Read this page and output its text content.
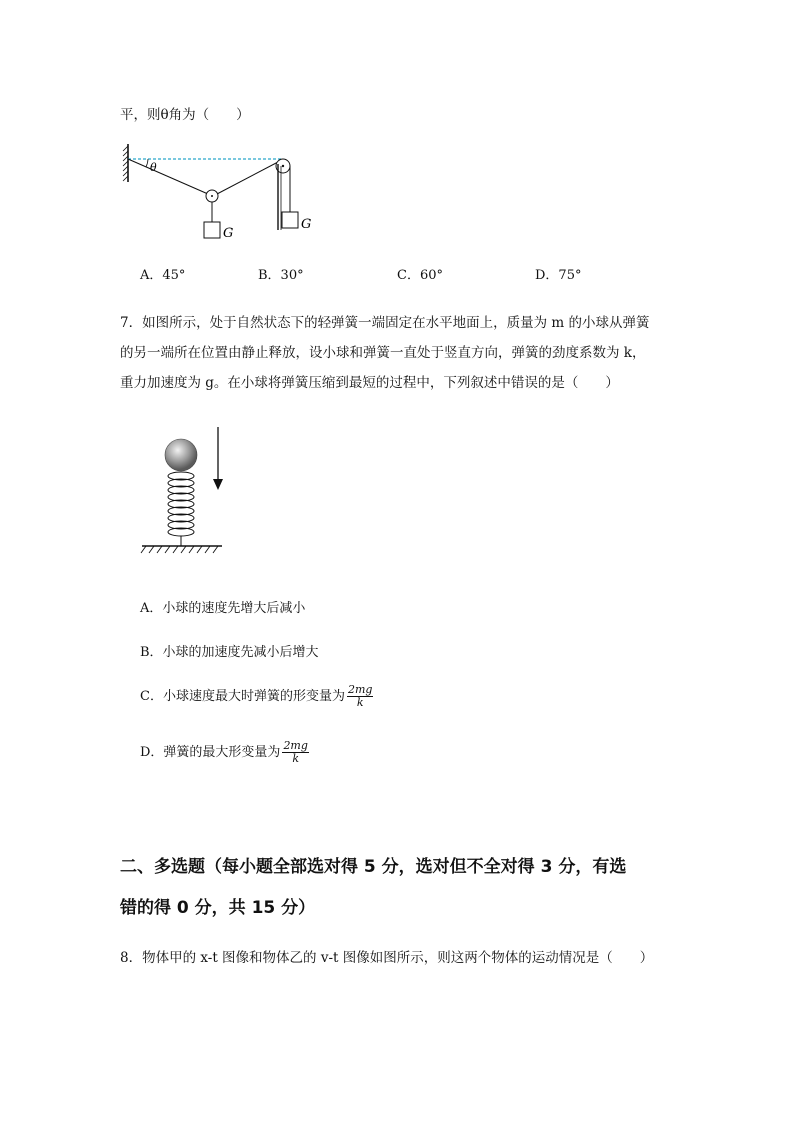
平，则θ角为（　　）
θ
G
G
A．45°	B．30°	C．60°	D．75°
7．如图所示，处于自然状态下的轻弹簧一端固定在水平地面上，质量为 m 的小球从弹簧
的另一端所在位置由静止释放，设小球和弹簧一直处于竖直方向，弹簧的劲度系数为 k，
重力加速度为 g。在小球将弹簧压缩到最短的过程中，下列叙述中错误的是（　　）
A．小球的速度先增大后减小
B．小球的加速度先减小后增大
C．小球速度最大时弹簧的形变量为 $\frac{2mg}{k}$
D．弹簧的最大形变量为 $\frac{2mg}{k}$
二、多选题（每小题全部选对得 5 分，选对但不全对得 3 分，有选
错的得 0 分，共 15 分）
8．物体甲的 x-t 图像和物体乙的 v-t 图像如图所示，则这两个物体的运动情况是（　　）
